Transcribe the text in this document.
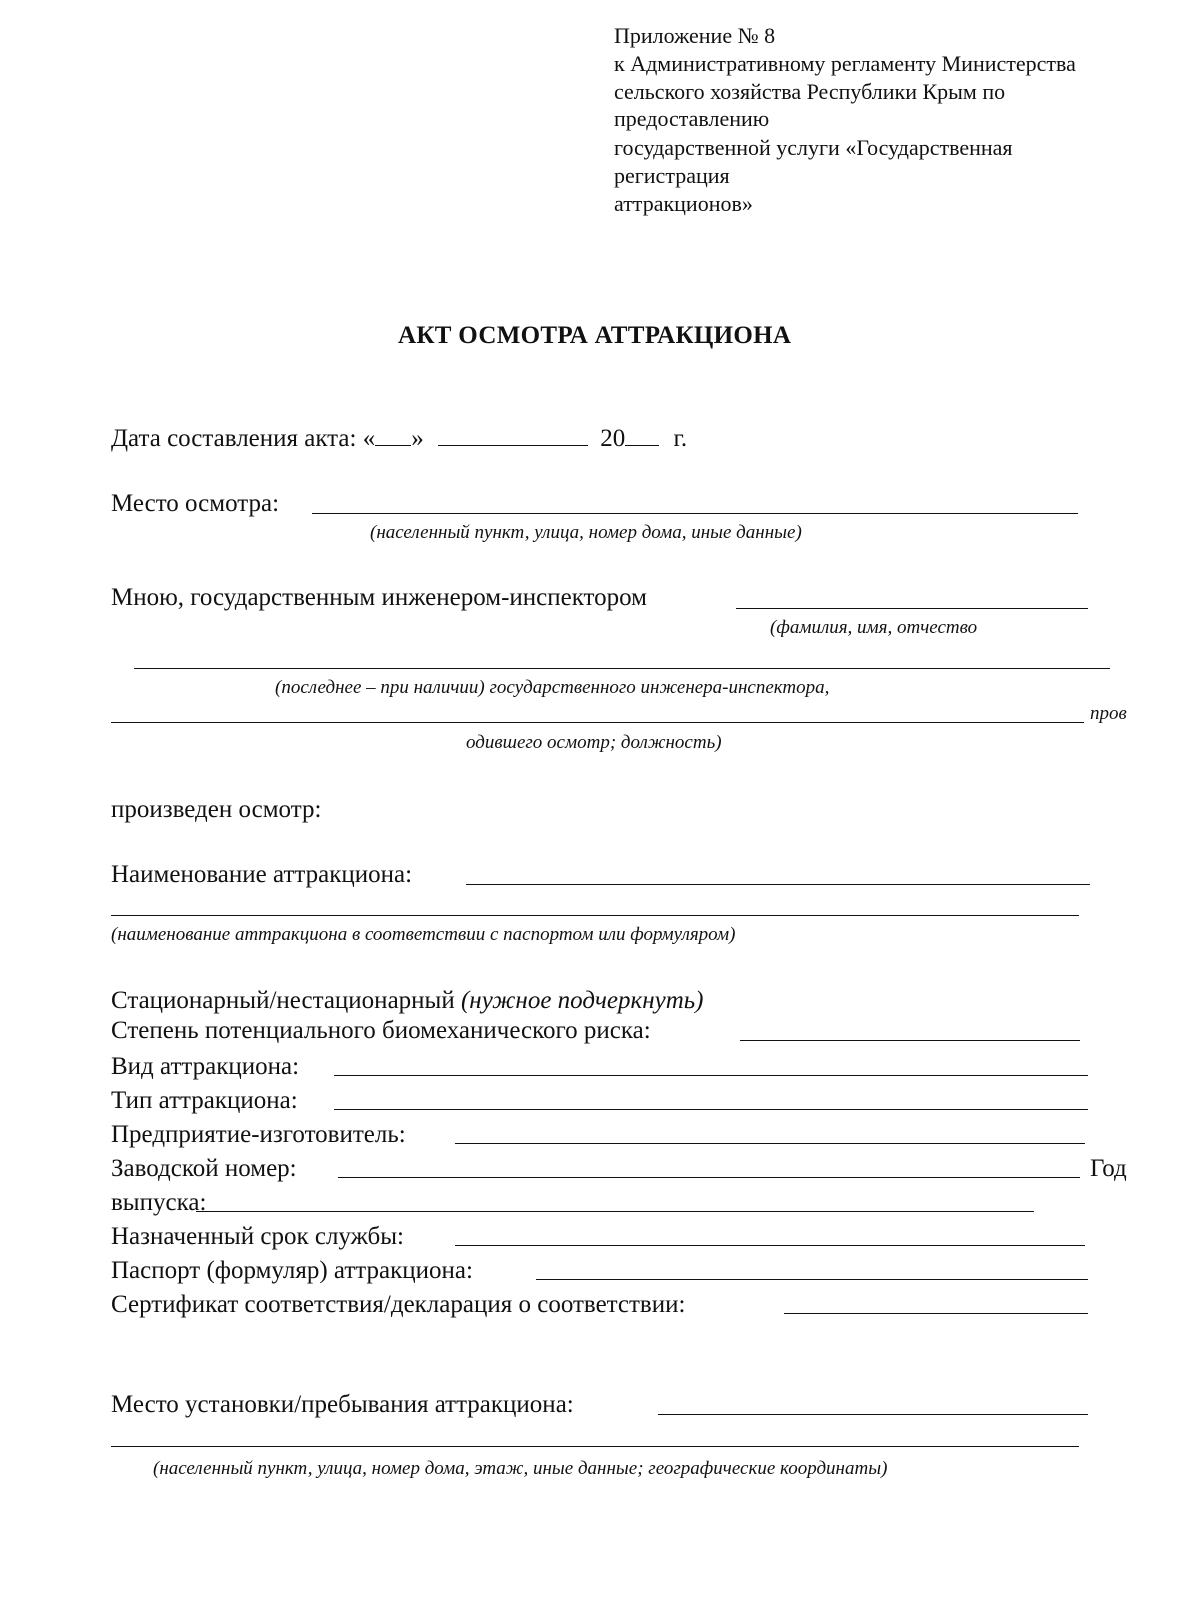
Приложение № 8
к Административному регламенту Министерства
сельского хозяйства Республики Крым по
предоставлению
государственной услуги «Государственная
регистрация
аттракционов»
АКТ ОСМОТРА АТТРАКЦИОНА
Дата составления акта: « »	20 г.
Место осмотра:
(населенный пункт, улица, номер дома, иные данные)
Мною, государственным инженером-инспектором
(фамилия, имя, отчество
(последнее – при наличии) государственного инженера-инспектора,
пров
одившего осмотр; должность)
произведен осмотр:
Наименование аттракциона:
(наименование аттракциона в соответствии с паспортом или формуляром)
Стационарный/нестационарный (нужное подчеркнуть)
Степень потенциального биомеханического риска:
Вид аттракциона:
Тип аттракциона:
Предприятие-изготовитель:
Заводской номер:	Год
выпуска:
Назначенный срок службы:
Паспорт (формуляр) аттракциона:
Сертификат соответствия/декларация о соответствии:
Место установки/пребывания аттракциона:
(населенный пункт, улица, номер дома, этаж, иные данные; географические координаты)
